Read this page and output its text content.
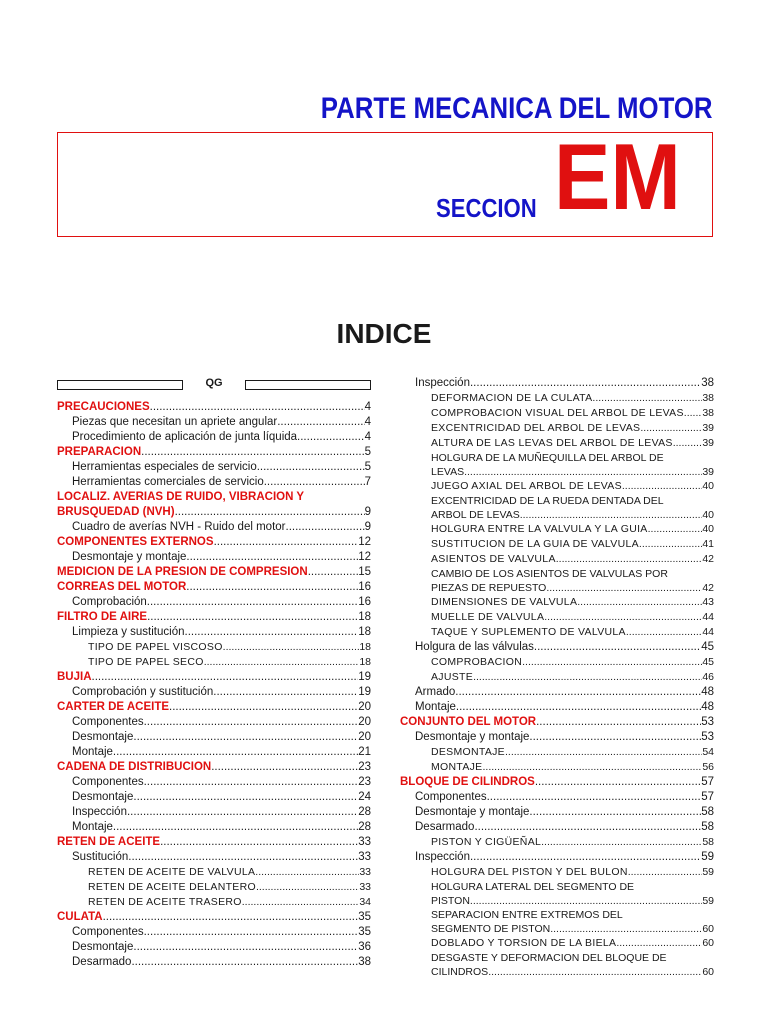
PARTE MECANICA DEL MOTOR
SECCION EM
INDICE
QG
PRECAUCIONES .....	4
Piezas que necesitan un apriete angular .....	4
Procedimiento de aplicación de junta líquida .....	4
PREPARACION .....	5
Herramientas especiales de servicio .....	5
Herramientas comerciales de servicio .....	7
LOCALIZ. AVERIAS DE RUIDO, VIBRACION Y
BRUSQUEDAD (NVH) .....	9
Cuadro de averías NVH - Ruido del motor .....	9
COMPONENTES EXTERNOS .....	12
Desmontaje y montaje .....	12
MEDICION DE LA PRESION DE COMPRESION .....	15
CORREAS DEL MOTOR .....	16
Comprobación .....	16
FILTRO DE AIRE .....	18
Limpieza y sustitución .....	18
TIPO DE PAPEL VISCOSO .....	18
TIPO DE PAPEL SECO .....	18
BUJIA .....	19
Comprobación y sustitución .....	19
CARTER DE ACEITE .....	20
Componentes .....	20
Desmontaje .....	20
Montaje .....	21
CADENA DE DISTRIBUCION .....	23
Componentes .....	23
Desmontaje .....	24
Inspección .....	28
Montaje .....	28
RETEN DE ACEITE .....	33
Sustitución .....	33
RETEN DE ACEITE DE VALVULA .....	33
RETEN DE ACEITE DELANTERO .....	33
RETEN DE ACEITE TRASERO .....	34
CULATA .....	35
Componentes .....	35
Desmontaje .....	36
Desarmado .....	38
Inspección .....	38
DEFORMACION DE LA CULATA .....	38
COMPROBACION VISUAL DEL ARBOL DE LEVAS ..... 38
EXCENTRICIDAD DEL ARBOL DE LEVAS .....	39
ALTURA DE LAS LEVAS DEL ARBOL DE LEVAS .....	39
HOLGURA DE LA MUÑEQUILLA DEL ARBOL DE
LEVAS .....	39
JUEGO AXIAL DEL ARBOL DE LEVAS .....	40
EXCENTRICIDAD DE LA RUEDA DENTADA DEL
ARBOL DE LEVAS .....	40
HOLGURA ENTRE LA VALVULA Y LA GUIA .....	40
SUSTITUCION DE LA GUIA DE VALVULA .....	41
ASIENTOS DE VALVULA .....	42
CAMBIO DE LOS ASIENTOS DE VALVULAS POR
PIEZAS DE REPUESTO .....	42
DIMENSIONES DE VALVULA .....	43
MUELLE DE VALVULA .....	44
TAQUE Y SUPLEMENTO DE VALVULA .....	44
Holgura de las válvulas .....	45
COMPROBACION .....	45
AJUSTE .....	46
Armado .....	48
Montaje .....	48
CONJUNTO DEL MOTOR .....	53
Desmontaje y montaje .....	53
DESMONTAJE .....	54
MONTAJE .....	56
BLOQUE DE CILINDROS .....	57
Componentes .....	57
Desmontaje y montaje .....	58
Desarmado .....	58
PISTON Y CIGÜEÑAL .....	58
Inspección .....	59
HOLGURA DEL PISTON Y DEL BULON .....	59
HOLGURA LATERAL DEL SEGMENTO DE
PISTON .....	59
SEPARACION ENTRE EXTREMOS DEL
SEGMENTO DE PISTON .....	60
DOBLADO Y TORSION DE LA BIELA .....	60
DESGASTE Y DEFORMACION DEL BLOQUE DE
CILINDROS .....	60
